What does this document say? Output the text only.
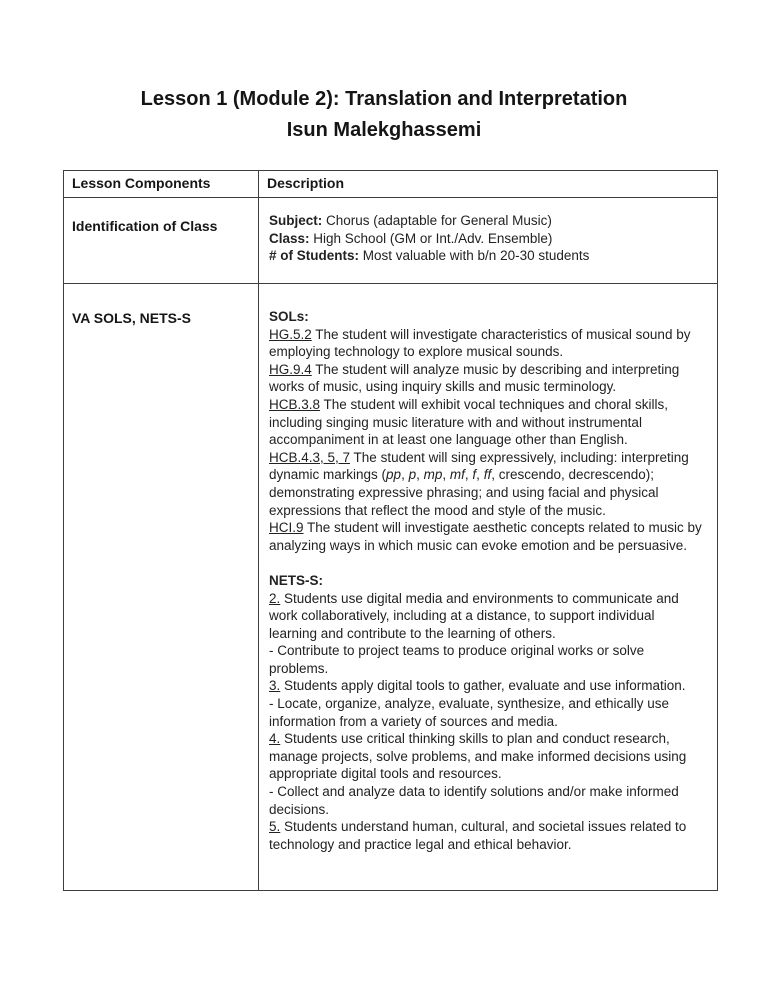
Lesson 1 (Module 2): Translation and Interpretation
Isun Malekghassemi
Lesson Components	Description
Identification of Class	Subject: Chorus (adaptable for General Music)

Class: High School (GM or Int./Adv. Ensemble)

# of Students: Most valuable with b/n 20-30 students

VA SOLS, NETS-S	SOLs:

HG.5.2 The student will investigate characteristics of musical sound by employing technology to explore musical sounds.

HG.9.4 The student will analyze music by describing and interpreting works of music, using inquiry skills and music terminology.

HCB.3.8 The student will exhibit vocal techniques and choral skills, including singing music literature with and without instrumental accompaniment in at least one language other than English.

HCB.4.3, 5, 7 The student will sing expressively, including: interpreting dynamic markings (pp, p, mp, mf, f, ff, crescendo, decrescendo); demonstrating expressive phrasing; and using facial and physical expressions that reflect the mood and style of the music.

HCI.9 The student will investigate aesthetic concepts related to music by analyzing ways in which music can evoke emotion and be persuasive.

NETS-S:

2. Students use digital media and environments to communicate and work collaboratively, including at a distance, to support individual learning and contribute to the learning of others.

- Contribute to project teams to produce original works or solve problems.

3. Students apply digital tools to gather, evaluate and use information.

- Locate, organize, analyze, evaluate, synthesize, and ethically use information from a variety of sources and media.

4. Students use critical thinking skills to plan and conduct research, manage projects, solve problems, and make informed decisions using appropriate digital tools and resources.

- Collect and analyze data to identify solutions and/or make informed decisions.

5. Students understand human, cultural, and societal issues related to technology and practice legal and ethical behavior.
